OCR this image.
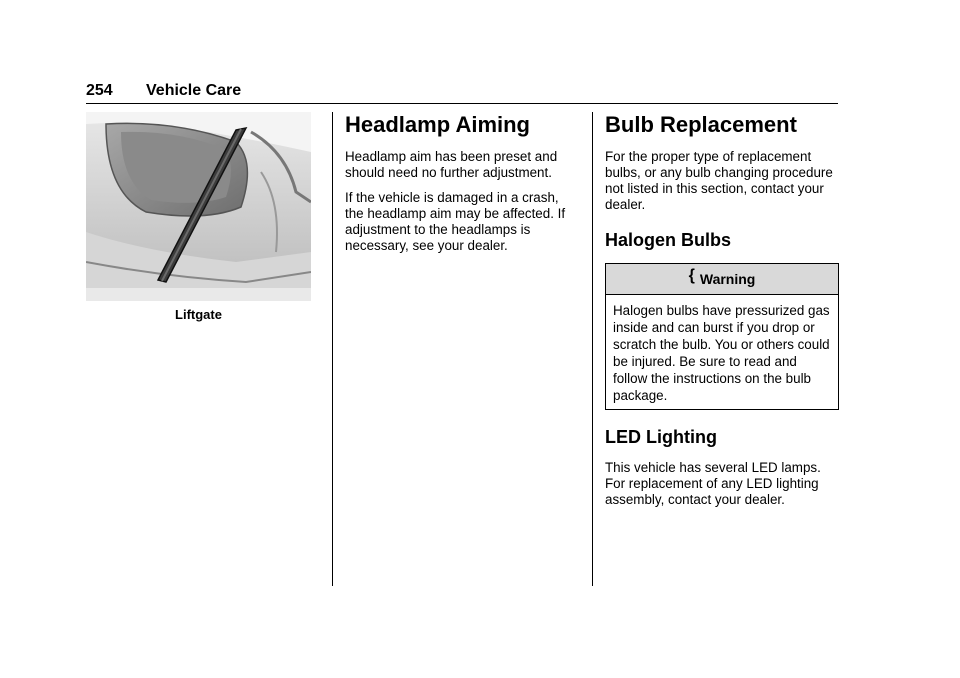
254 Vehicle Care
Liftgate
Headlamp Aiming

Headlamp aim has been preset and should need no further adjustment.

If the vehicle is damaged in a crash, the headlamp aim may be affected. If adjustment to the headlamps is necessary, see your dealer.

Bulb Replacement

For the proper type of replacement bulbs, or any bulb changing procedure not listed in this section, contact your dealer.

Halogen Bulbs
{ Warning
Halogen bulbs have pressurized gas inside and can burst if you drop or scratch the bulb. You or others could be injured. Be sure to read and follow the instructions on the bulb package.
LED Lighting

This vehicle has several LED lamps. For replacement of any LED lighting assembly, contact your dealer.
